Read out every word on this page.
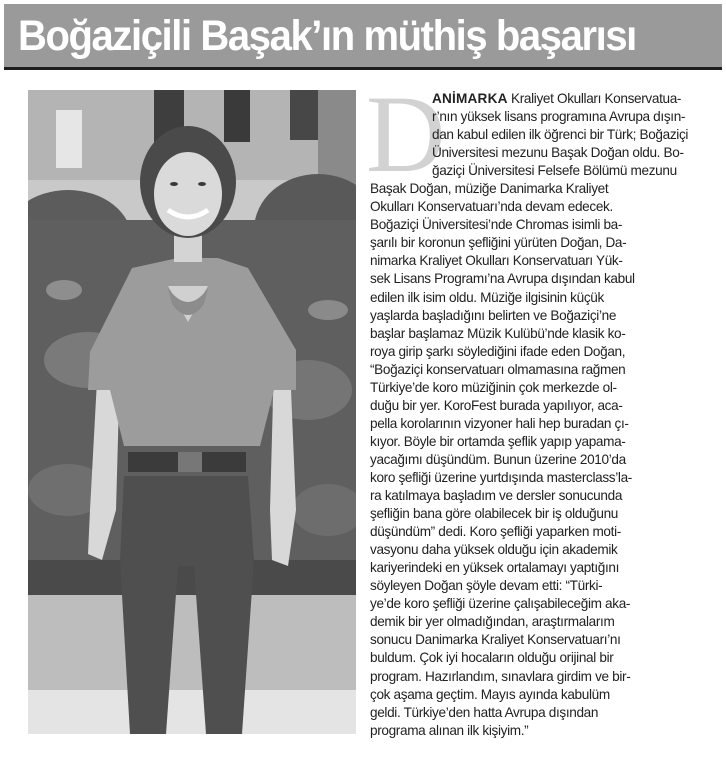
Boğaziçili Başak’ın müthiş başarısı
D
ANİMARKA Kraliyet Okulları Konservatua-
r’nın yüksek lisans programına Avrupa dışın-
dan kabul edilen ilk öğrenci bir Türk; Boğaziçi
Üniversitesi mezunu Başak Doğan oldu. Bo-
ğaziçi Üniversitesi Felsefe Bölümü mezunu
Başak Doğan, müziğe Danimarka Kraliyet
Okulları Konservatuarı’nda devam edecek.
Boğaziçi Üniversitesi’nde Chromas isimli ba-
şarılı bir koronun şefliğini yürüten Doğan, Da-
nimarka Kraliyet Okulları Konservatuarı Yük-
sek Lisans Programı’na Avrupa dışından kabul
edilen ilk isim oldu. Müziğe ilgisinin küçük
yaşlarda başladığını belirten ve Boğaziçi’ne
başlar başlamaz Müzik Kulübü’nde klasik ko-
roya girip şarkı söylediğini ifade eden Doğan,
“Boğaziçi konservatuarı olmamasına rağmen
Türkiye’de koro müziğinin çok merkezde ol-
duğu bir yer. KoroFest burada yapılıyor, aca-
pella korolarının vizyoner hali hep buradan çı-
kıyor. Böyle bir ortamda şeflik yapıp yapama-
yacağımı düşündüm. Bunun üzerine 2010’da
koro şefliği üzerine yurtdışında masterclass’la-
ra katılmaya başladım ve dersler sonucunda
şefliğin bana göre olabilecek bir iş olduğunu
düşündüm” dedi. Koro şefliği yaparken moti-
vasyonu daha yüksek olduğu için akademik
kariyerindeki en yüksek ortalamayı yaptığını
söyleyen Doğan şöyle devam etti: “Türki-
ye’de koro şefliği üzerine çalışabileceğim aka-
demik bir yer olmadığından, araştırmalarım
sonucu Danimarka Kraliyet Konservatuarı’nı
buldum. Çok iyi hocaların olduğu orijinal bir
program. Hazırlandım, sınavlara girdim ve bir-
çok aşama geçtim. Mayıs ayında kabulüm
geldi. Türkiye’den hatta Avrupa dışından
programa alınan ilk kişiyim.”
